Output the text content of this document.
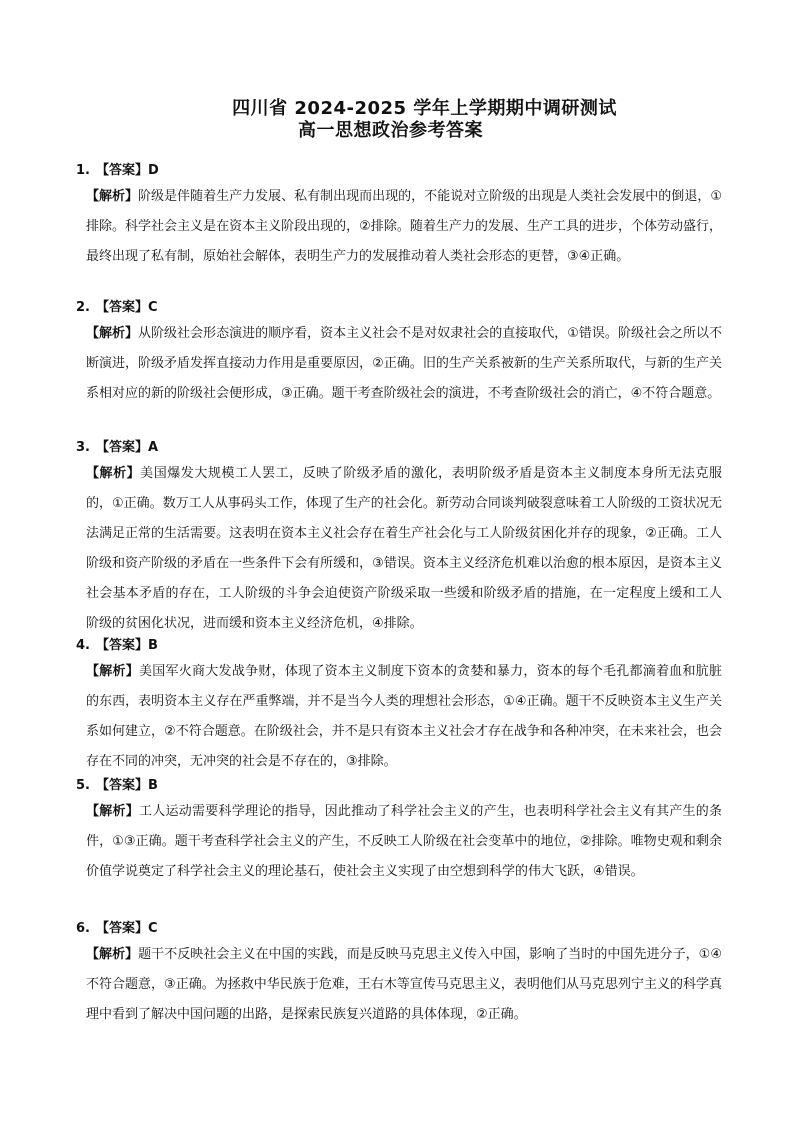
四川省 2024-2025 学年上学期期中调研测试
高一思想政治参考答案
1. 【答案】D
【解析】阶级是伴随着生产力发展、私有制出现而出现的，不能说对立阶级的出现是人类社会发展中的倒退，①排除。科学社会主义是在资本主义阶段出现的，②排除。随着生产力的发展、生产工具的进步，个体劳动盛行，最终出现了私有制，原始社会解体，表明生产力的发展推动着人类社会形态的更替，③④正确。
2. 【答案】C
【解析】从阶级社会形态演进的顺序看，资本主义社会不是对奴隶社会的直接取代，①错误。阶级社会之所以不断演进，阶级矛盾发挥直接动力作用是重要原因，②正确。旧的生产关系被新的生产关系所取代，与新的生产关系相对应的新的阶级社会便形成，③正确。题干考查阶级社会的演进，不考查阶级社会的消亡，④不符合题意。
3. 【答案】A
【解析】美国爆发大规模工人罢工，反映了阶级矛盾的激化，表明阶级矛盾是资本主义制度本身所无法克服的，①正确。数万工人从事码头工作，体现了生产的社会化。新劳动合同谈判破裂意味着工人阶级的工资状况无法满足正常的生活需要。这表明在资本主义社会存在着生产社会化与工人阶级贫困化并存的现象，②正确。工人阶级和资产阶级的矛盾在一些条件下会有所缓和，③错误。资本主义经济危机难以治愈的根本原因，是资本主义社会基本矛盾的存在，工人阶级的斗争会迫使资产阶级采取一些缓和阶级矛盾的措施，在一定程度上缓和工人阶级的贫困化状况，进而缓和资本主义经济危机，④排除。
4. 【答案】B
【解析】美国军火商大发战争财，体现了资本主义制度下资本的贪婪和暴力，资本的每个毛孔都滴着血和肮脏的东西，表明资本主义存在严重弊端，并不是当今人类的理想社会形态，①④正确。题干不反映资本主义生产关系如何建立，②不符合题意。在阶级社会，并不是只有资本主义社会才存在战争和各种冲突，在未来社会，也会存在不同的冲突，无冲突的社会是不存在的，③排除。
5. 【答案】B
【解析】工人运动需要科学理论的指导，因此推动了科学社会主义的产生，也表明科学社会主义有其产生的条件，①③正确。题干考查科学社会主义的产生，不反映工人阶级在社会变革中的地位，②排除。唯物史观和剩余价值学说奠定了科学社会主义的理论基石，使社会主义实现了由空想到科学的伟大飞跃，④错误。
6. 【答案】C
【解析】题干不反映社会主义在中国的实践，而是反映马克思主义传入中国，影响了当时的中国先进分子，①④不符合题意，③正确。为拯救中华民族于危难，王右木等宣传马克思主义，表明他们从马克思列宁主义的科学真理中看到了解决中国问题的出路，是探索民族复兴道路的具体体现，②正确。
